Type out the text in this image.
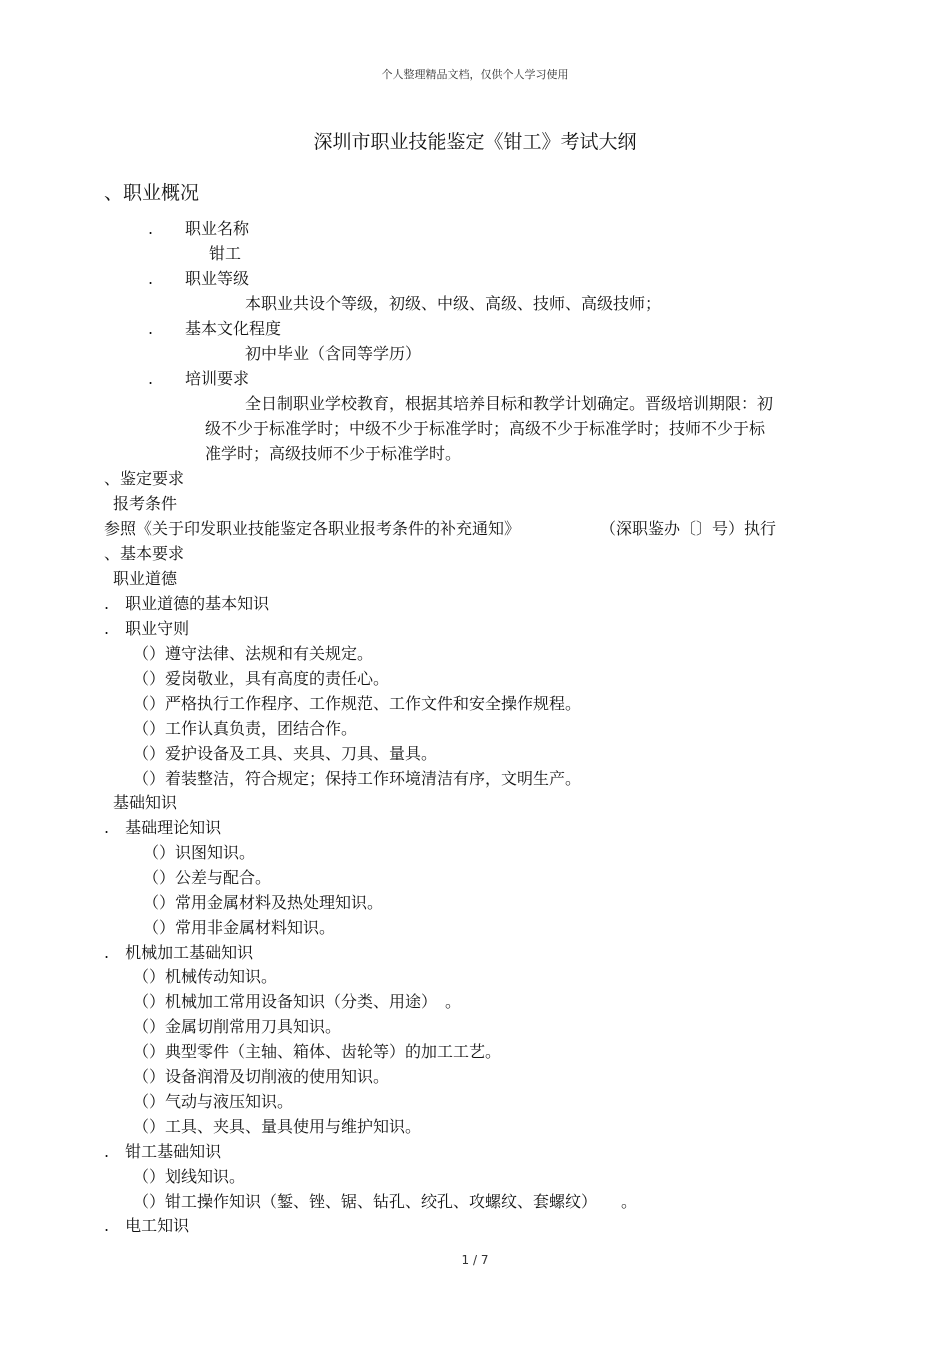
个人整理精品文档，仅供个人学习使用
深圳市职业技能鉴定《钳工》考试大纲
、职业概况
. 职业名称
钳工
. 职业等级
本职业共设个等级，初级、中级、高级、技师、高级技师；
. 基本文化程度
初中毕业（含同等学历）
. 培训要求
全日制职业学校教育，根据其培养目标和教学计划确定。晋级培训期限：初
级不少于标准学时；中级不少于标准学时；高级不少于标准学时；技师不少于标
准学时；高级技师不少于标准学时。
、鉴定要求
报考条件
参照《关于印发职业技能鉴定各职业报考条件的补充通知》	（深职鉴办〔〕号）执行
、基本要求
职业道德
.　职业道德的基本知识
.　职业守则
（）遵守法律、法规和有关规定。
（）爱岗敬业，具有高度的责任心。
（）严格执行工作程序、工作规范、工作文件和安全操作规程。
（）工作认真负责，团结合作。
（）爱护设备及工具、夹具、刀具、量具。
（）着装整洁，符合规定；保持工作环境清洁有序，文明生产。
基础知识
.　基础理论知识
（）识图知识。
（）公差与配合。
（）常用金属材料及热处理知识。
（）常用非金属材料知识。
.　机械加工基础知识
（）机械传动知识。
（）机械加工常用设备知识（分类、用途）　。
（）金属切削常用刀具知识。
（）典型零件（主轴、箱体、齿轮等）的加工工艺。
（）设备润滑及切削液的使用知识。
（）气动与液压知识。
（）工具、夹具、量具使用与维护知识。
.　钳工基础知识
（）划线知识。
（）钳工操作知识（錾、锉、锯、钻孔、绞孔、攻螺纹、套螺纹）　　。
.　电工知识
1 / 7
